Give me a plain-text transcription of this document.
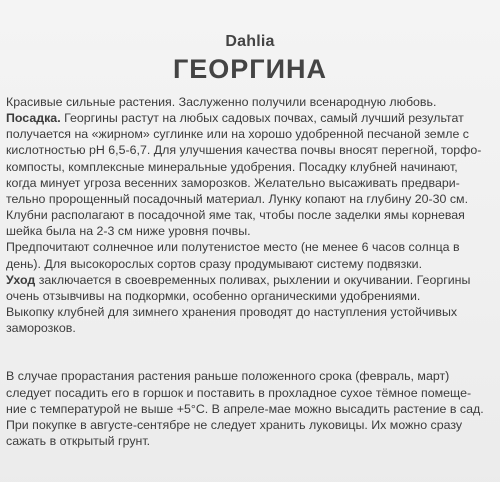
Dahlia
ГЕОРГИНА
Красивые сильные растения. Заслуженно получили всенародную любовь.
Посадка. Георгины растут на любых садовых почвах, самый лучший результат
получается на «жирном» суглинке или на хорошо удобренной песчаной земле с
кислотностью pH 6,5-6,7. Для улучшения качества почвы вносят перегной, торфо-
компосты, комплексные минеральные удобрения. Посадку клубней начинают,
когда минует угроза весенних заморозков. Желательно высаживать предвари-
тельно пророщенный посадочный материал. Лунку копают на глубину 20-30 см.
Клубни располагают в посадочной яме так, чтобы после заделки ямы корневая
шейка была на 2-3 см ниже уровня почвы.
Предпочитают солнечное или полутенистое место (не менее 6 часов солнца в
день). Для высокорослых сортов сразу продумывают систему подвязки.
Уход заключается в своевременных поливах, рыхлении и окучивании. Георгины
очень отзывчивы на подкормки, особенно органическими удобрениями.
Выкопку клубней для зимнего хранения проводят до наступления устойчивых
заморозков.
В случае прорастания растения раньше положенного срока (февраль, март)
следует посадить его в горшок и поставить в прохладное сухое тёмное помеще-
ние с температурой не выше +5°С. В апреле-мае можно высадить растение в сад.
При покупке в августе-сентябре не следует хранить луковицы. Их можно сразу
сажать в открытый грунт.
